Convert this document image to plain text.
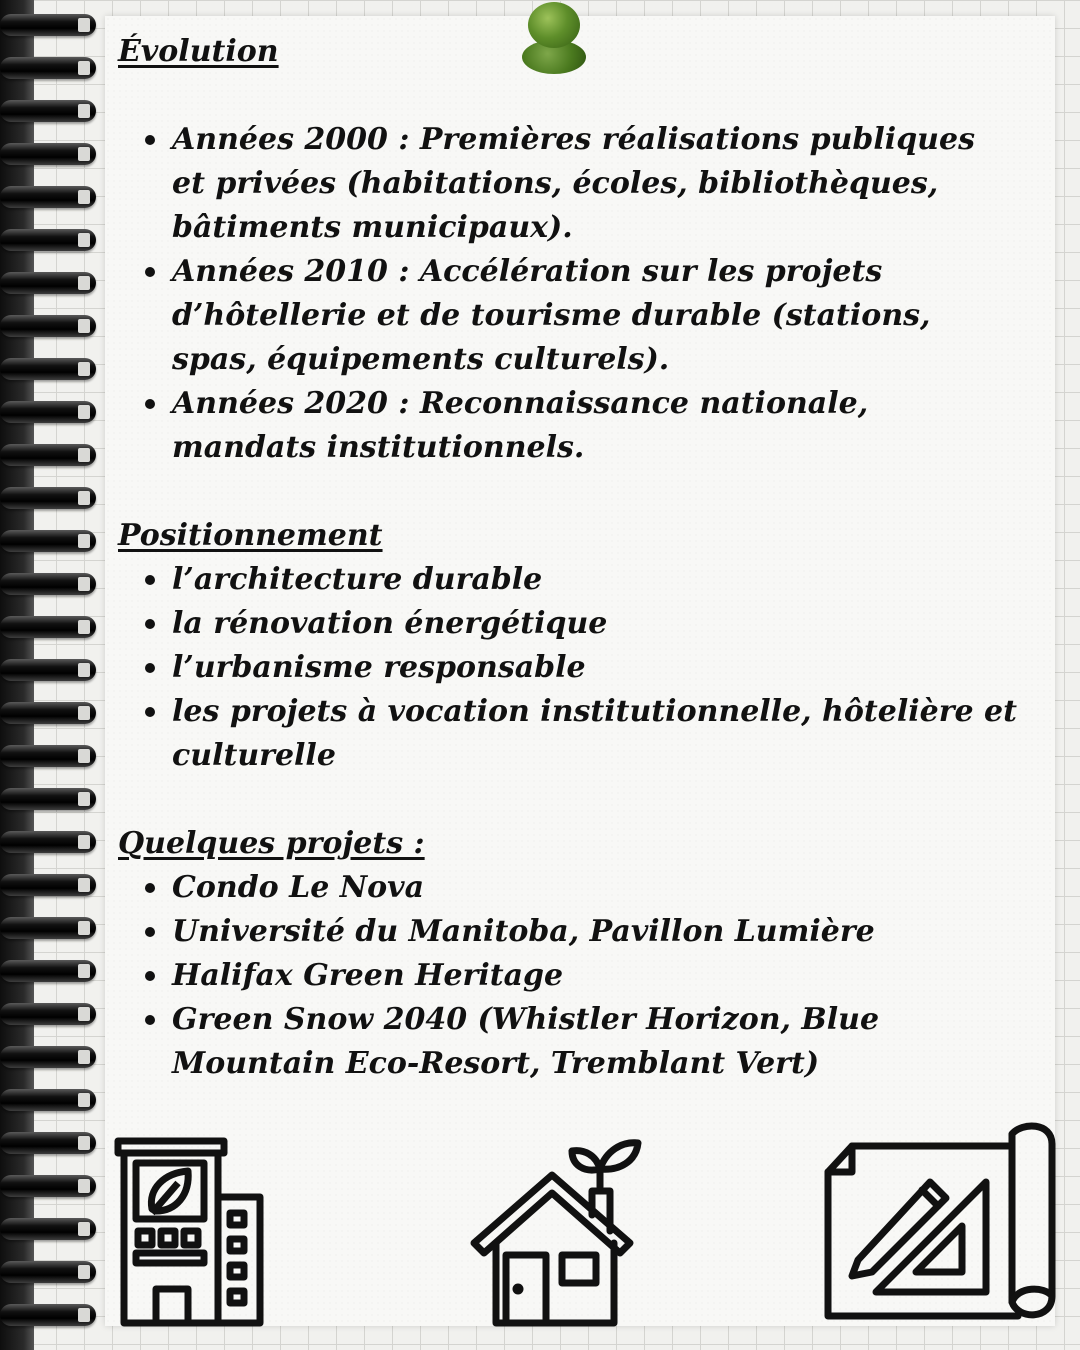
Évolution
Années 2000 : Premières réalisations publiques et privées (habitations, écoles, bibliothèques, bâtiments municipaux).
Années 2010 : Accélération sur les projets d’hôtellerie et de tourisme durable (stations, spas, équipements culturels).
Années 2020 : Reconnaissance nationale, mandats institutionnels.
Positionnement
l’architecture durable
la rénovation énergétique
l’urbanisme responsable
les projets à vocation institutionnelle, hôtelière et culturelle
Quelques projets :
Condo Le Nova
Université du Manitoba, Pavillon Lumière
Halifax Green Heritage
Green Snow 2040 (Whistler Horizon, Blue Mountain Eco-Resort, Tremblant Vert)
